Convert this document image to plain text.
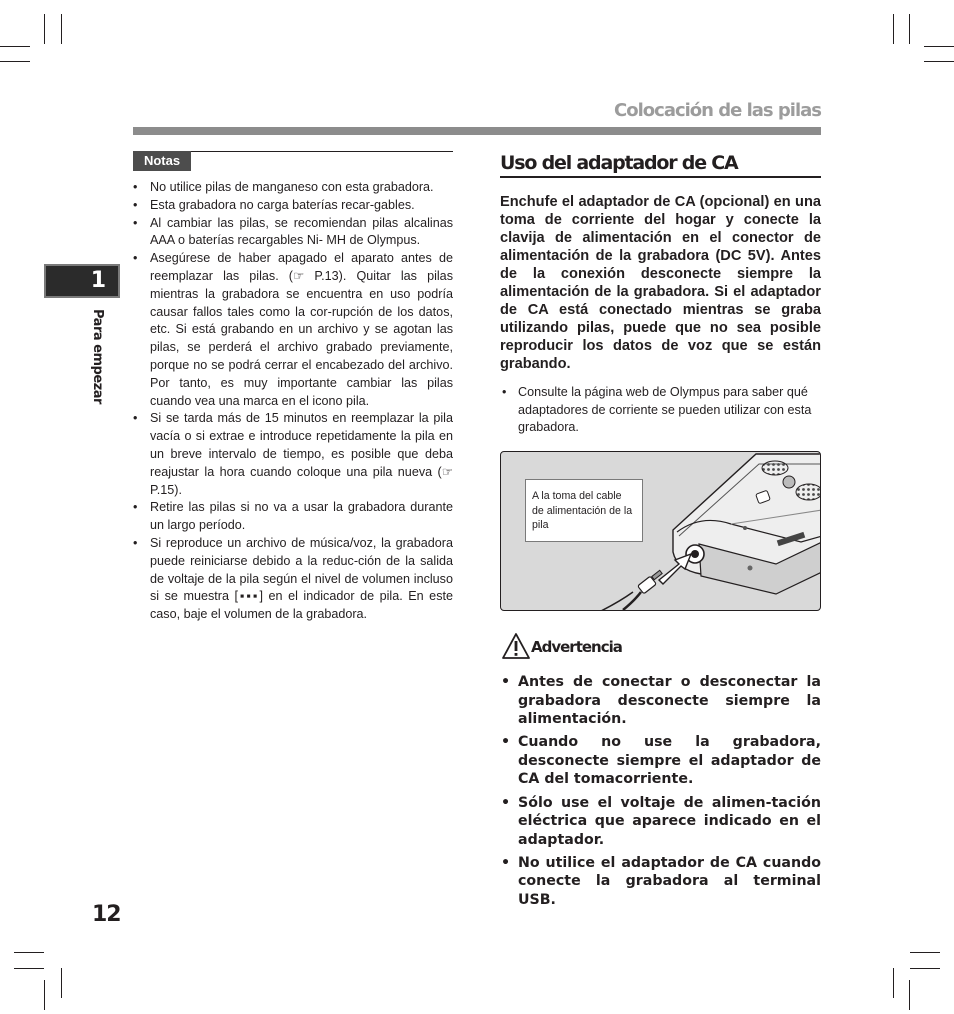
Colocación de las pilas
1
Para empezar
12
Notas
• No utilice pilas de manganeso con esta grabadora.
• Esta grabadora no carga baterías recar-gables.
• Al cambiar las pilas, se recomiendan pilas alcalinas AAA o baterías recargables Ni- MH de Olympus.
• Asegúrese de haber apagado el aparato antes de reemplazar las pilas. (☞ P.13). Quitar las pilas mientras la grabadora se encuentra en uso podría causar fallos tales como la cor-rupción de los datos, etc. Si está grabando en un archivo y se agotan las pilas, se perderá el archivo grabado previamente, porque no se podrá cerrar el encabezado del archivo. Por tanto, es muy importante cambiar las pilas cuando vea una marca en el icono pila.
• Si se tarda más de 15 minutos en reemplazar la pila vacía o si extrae e introduce repetidamente la pila en un breve intervalo de tiempo, es posible que deba reajustar la hora cuando coloque una pila nueva (☞ P.15).
• Retire las pilas si no va a usar la grabadora durante un largo período.
• Si reproduce un archivo de música/voz, la grabadora puede reiniciarse debido a la reduc-ción de la salida de voltaje de la pila según el nivel de volumen incluso si se muestra [▪▪▪] en el indicador de pila. En este caso, baje el volumen de la grabadora.
Uso del adaptador de CA

Enchufe el adaptador de CA (opcional) en una toma de corriente del hogar y conecte la clavija de alimentación en el conector de alimentación de la grabadora (DC 5V). Antes de la conexión desconecte siempre la alimentación de la grabadora. Si el adaptador de CA está conectado mientras se graba utilizando pilas, puede que no sea posible reproducir los datos de voz que se están grabando.

• Consulte la página web de Olympus para saber qué adaptadores de corriente se pueden utilizar con esta grabadora.
A la toma del cable de alimentación de la pila
Advertencia
• Antes de conectar o desconectar la grabadora desconecte siempre la alimentación.
• Cuando no use la grabadora, desconecte siempre el adaptador de CA del tomacorriente.
• Sólo use el voltaje de alimen-tación eléctrica que aparece indicado en el adaptador.
• No utilice el adaptador de CA cuando conecte la grabadora al terminal USB.
